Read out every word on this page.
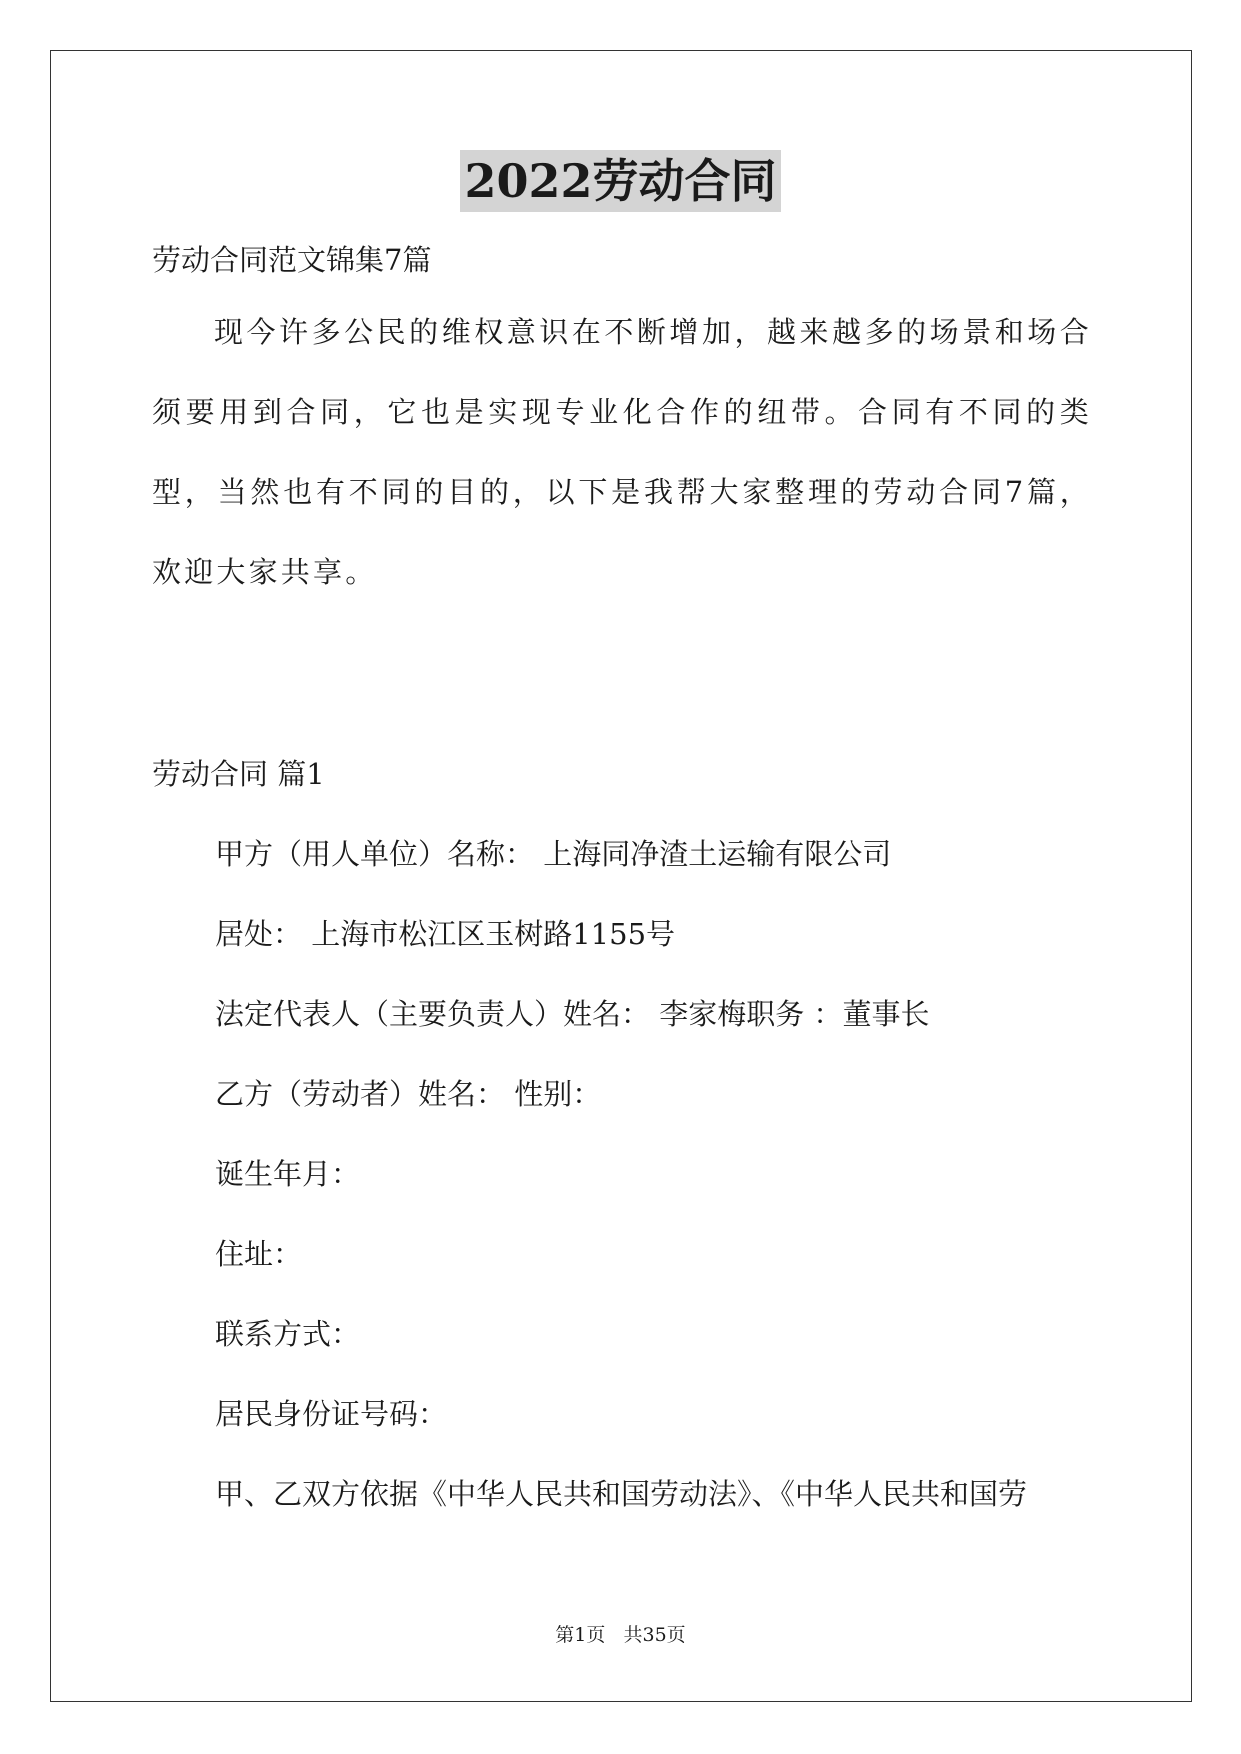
2022劳动合同
劳动合同范文锦集7篇
现今许多公民的维权意识在不断增加，越来越多的场景和场合须要用到合同，它也是实现专业化合作的纽带。合同有不同的类型，当然也有不同的目的，以下是我帮大家整理的劳动合同7篇，欢迎大家共享。
劳动合同 篇1
甲方（用人单位）名称： 上海同净渣土运输有限公司
居处： 上海市松江区玉树路1155号
法定代表人（主要负责人）姓名： 李家梅职务 ：董事长
乙方（劳动者）姓名： 性别：
诞生年月：
住址：
联系方式：
居民身份证号码：
甲、乙双方依据《中华人民共和国劳动法》、《中华人民共和国劳
第1页   共35页
